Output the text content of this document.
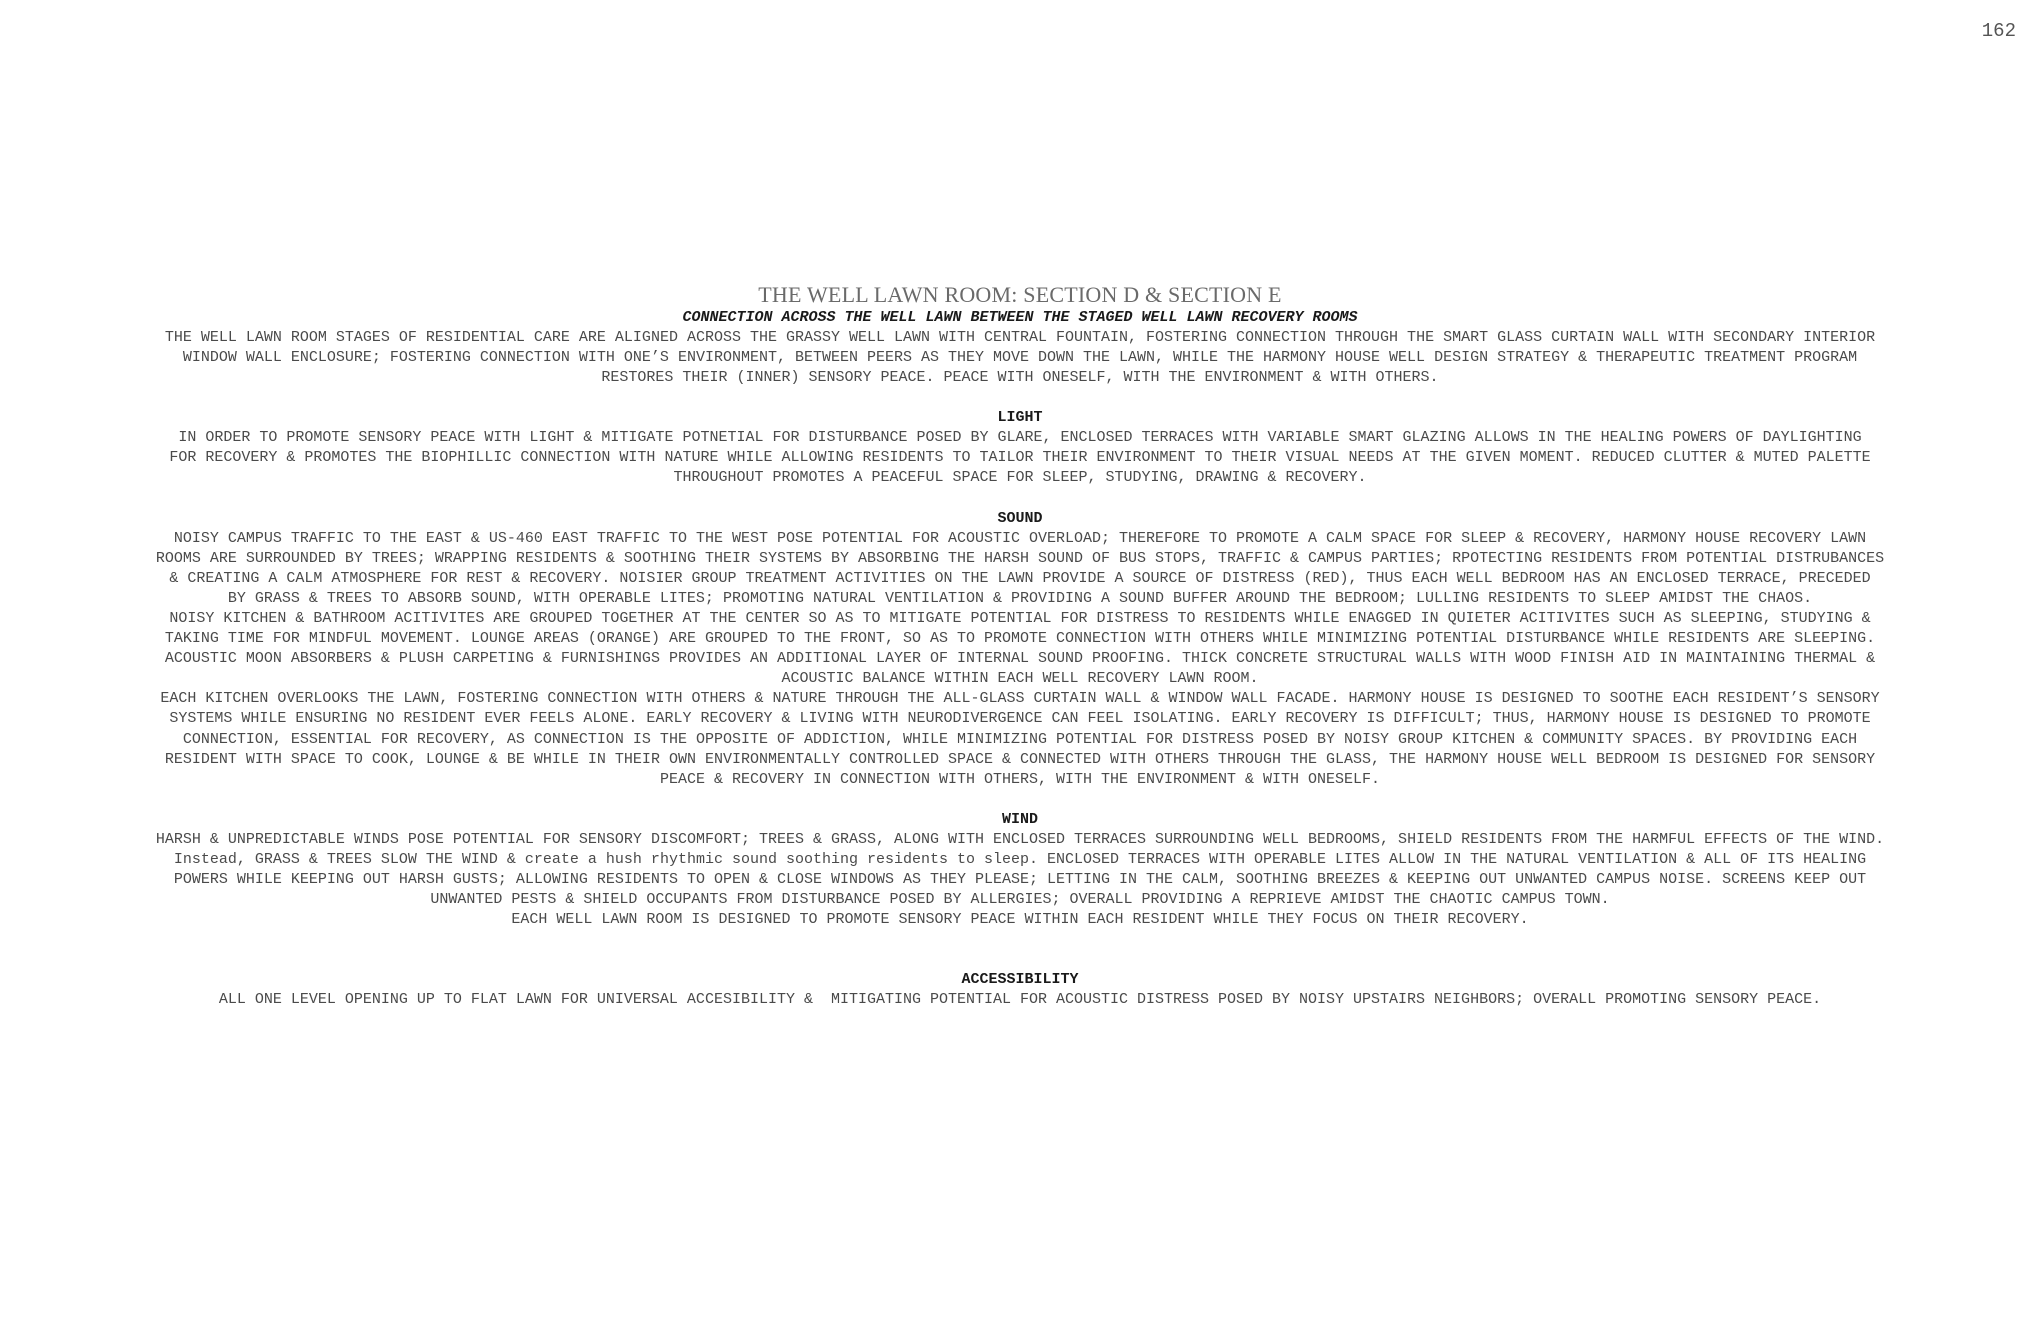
162
THE WELL LAWN ROOM: SECTION D & SECTION E
CONNECTION ACROSS THE WELL LAWN BETWEEN THE STAGED WELL LAWN RECOVERY ROOMS
THE WELL LAWN ROOM STAGES OF RESIDENTIAL CARE ARE ALIGNED ACROSS THE GRASSY WELL LAWN WITH CENTRAL FOUNTAIN, FOSTERING CONNECTION THROUGH THE SMART GLASS CURTAIN WALL WITH SECONDARY INTERIOR
WINDOW WALL ENCLOSURE; FOSTERING CONNECTION WITH ONE’S ENVIRONMENT, BETWEEN PEERS AS THEY MOVE DOWN THE LAWN, WHILE THE HARMONY HOUSE WELL DESIGN STRATEGY & THERAPEUTIC TREATMENT PROGRAM
RESTORES THEIR (INNER) SENSORY PEACE. PEACE WITH ONESELF, WITH THE ENVIRONMENT & WITH OTHERS.
LIGHT
IN ORDER TO PROMOTE SENSORY PEACE WITH LIGHT & MITIGATE POTNETIAL FOR DISTURBANCE POSED BY GLARE, ENCLOSED TERRACES WITH VARIABLE SMART GLAZING ALLOWS IN THE HEALING POWERS OF DAYLIGHTING
FOR RECOVERY & PROMOTES THE BIOPHILLIC CONNECTION WITH NATURE WHILE ALLOWING RESIDENTS TO TAILOR THEIR ENVIRONMENT TO THEIR VISUAL NEEDS AT THE GIVEN MOMENT. REDUCED CLUTTER & MUTED PALETTE
THROUGHOUT PROMOTES A PEACEFUL SPACE FOR SLEEP, STUDYING, DRAWING & RECOVERY.
SOUND
NOISY CAMPUS TRAFFIC TO THE EAST & US-460 EAST TRAFFIC TO THE WEST POSE POTENTIAL FOR ACOUSTIC OVERLOAD; THEREFORE TO PROMOTE A CALM SPACE FOR SLEEP & RECOVERY, HARMONY HOUSE RECOVERY LAWN
ROOMS ARE SURROUNDED BY TREES; WRAPPING RESIDENTS & SOOTHING THEIR SYSTEMS BY ABSORBING THE HARSH SOUND OF BUS STOPS, TRAFFIC & CAMPUS PARTIES; RPOTECTING RESIDENTS FROM POTENTIAL DISTRUBANCES
& CREATING A CALM ATMOSPHERE FOR REST & RECOVERY. NOISIER GROUP TREATMENT ACTIVITIES ON THE LAWN PROVIDE A SOURCE OF DISTRESS (RED), THUS EACH WELL BEDROOM HAS AN ENCLOSED TERRACE, PRECEDED
BY GRASS & TREES TO ABSORB SOUND, WITH OPERABLE LITES; PROMOTING NATURAL VENTILATION & PROVIDING A SOUND BUFFER AROUND THE BEDROOM; LULLING RESIDENTS TO SLEEP AMIDST THE CHAOS.
NOISY KITCHEN & BATHROOM ACITIVITES ARE GROUPED TOGETHER AT THE CENTER SO AS TO MITIGATE POTENTIAL FOR DISTRESS TO RESIDENTS WHILE ENAGGED IN QUIETER ACITIVITES SUCH AS SLEEPING, STUDYING &
TAKING TIME FOR MINDFUL MOVEMENT. LOUNGE AREAS (ORANGE) ARE GROUPED TO THE FRONT, SO AS TO PROMOTE CONNECTION WITH OTHERS WHILE MINIMIZING POTENTIAL DISTURBANCE WHILE RESIDENTS ARE SLEEPING.
ACOUSTIC MOON ABSORBERS & PLUSH CARPETING & FURNISHINGS PROVIDES AN ADDITIONAL LAYER OF INTERNAL SOUND PROOFING. THICK CONCRETE STRUCTURAL WALLS WITH WOOD FINISH AID IN MAINTAINING THERMAL &
ACOUSTIC BALANCE WITHIN EACH WELL RECOVERY LAWN ROOM.
EACH KITCHEN OVERLOOKS THE LAWN, FOSTERING CONNECTION WITH OTHERS & NATURE THROUGH THE ALL-GLASS CURTAIN WALL & WINDOW WALL FACADE. HARMONY HOUSE IS DESIGNED TO SOOTHE EACH RESIDENT’S SENSORY
SYSTEMS WHILE ENSURING NO RESIDENT EVER FEELS ALONE. EARLY RECOVERY & LIVING WITH NEURODIVERGENCE CAN FEEL ISOLATING. EARLY RECOVERY IS DIFFICULT; THUS, HARMONY HOUSE IS DESIGNED TO PROMOTE
CONNECTION, ESSENTIAL FOR RECOVERY, AS CONNECTION IS THE OPPOSITE OF ADDICTION, WHILE MINIMIZING POTENTIAL FOR DISTRESS POSED BY NOISY GROUP KITCHEN & COMMUNITY SPACES. BY PROVIDING EACH
RESIDENT WITH SPACE TO COOK, LOUNGE & BE WHILE IN THEIR OWN ENVIRONMENTALLY CONTROLLED SPACE & CONNECTED WITH OTHERS THROUGH THE GLASS, THE HARMONY HOUSE WELL BEDROOM IS DESIGNED FOR SENSORY
PEACE & RECOVERY IN CONNECTION WITH OTHERS, WITH THE ENVIRONMENT & WITH ONESELF.
WIND
HARSH & UNPREDICTABLE WINDS POSE POTENTIAL FOR SENSORY DISCOMFORT; TREES & GRASS, ALONG WITH ENCLOSED TERRACES SURROUNDING WELL BEDROOMS, SHIELD RESIDENTS FROM THE HARMFUL EFFECTS OF THE WIND.
Instead, GRASS & TREES SLOW THE WIND & create a hush rhythmic sound soothing residents to sleep. ENCLOSED TERRACES WITH OPERABLE LITES ALLOW IN THE NATURAL VENTILATION & ALL OF ITS HEALING
POWERS WHILE KEEPING OUT HARSH GUSTS; ALLOWING RESIDENTS TO OPEN & CLOSE WINDOWS AS THEY PLEASE; LETTING IN THE CALM, SOOTHING BREEZES & KEEPING OUT UNWANTED CAMPUS NOISE. SCREENS KEEP OUT
UNWANTED PESTS & SHIELD OCCUPANTS FROM DISTURBANCE POSED BY ALLERGIES; OVERALL PROVIDING A REPRIEVE AMIDST THE CHAOTIC CAMPUS TOWN.
EACH WELL LAWN ROOM IS DESIGNED TO PROMOTE SENSORY PEACE WITHIN EACH RESIDENT WHILE THEY FOCUS ON THEIR RECOVERY.
ACCESSIBILITY
ALL ONE LEVEL OPENING UP TO FLAT LAWN FOR UNIVERSAL ACCESIBILITY &  MITIGATING POTENTIAL FOR ACOUSTIC DISTRESS POSED BY NOISY UPSTAIRS NEIGHBORS; OVERALL PROMOTING SENSORY PEACE.
